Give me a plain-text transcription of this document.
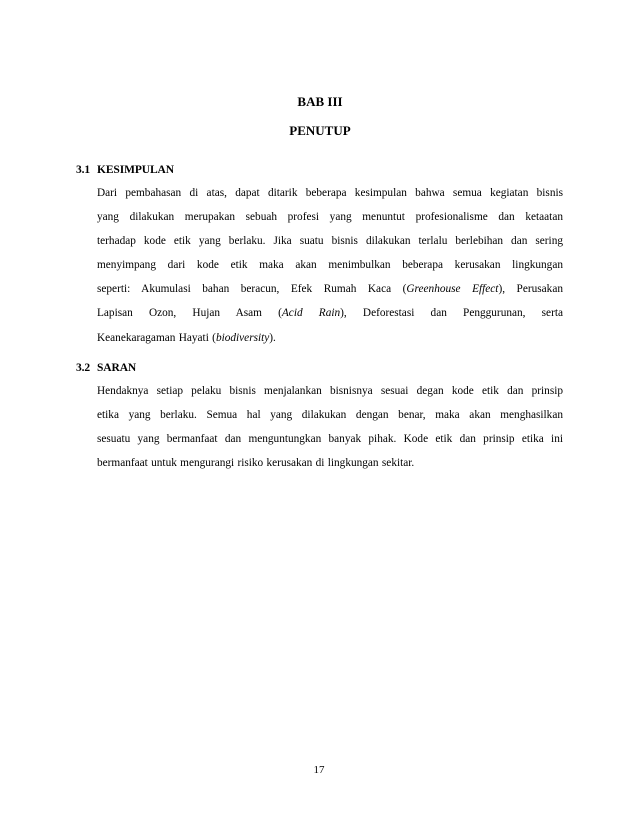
BAB III
PENUTUP
3.1 KESIMPULAN
Dari pembahasan di atas, dapat ditarik beberapa kesimpulan bahwa semua kegiatan bisnis
yang dilakukan merupakan sebuah profesi yang menuntut profesionalisme dan ketaatan
terhadap kode etik yang berlaku. Jika suatu bisnis dilakukan terlalu berlebihan dan sering
menyimpang dari kode etik maka akan menimbulkan beberapa kerusakan lingkungan
seperti: Akumulasi bahan beracun, Efek Rumah Kaca (Greenhouse Effect), Perusakan
Lapisan Ozon, Hujan Asam (Acid Rain), Deforestasi dan Penggurunan, serta
Keanekaragaman Hayati (biodiversity).
3.2 SARAN
Hendaknya setiap pelaku bisnis menjalankan bisnisnya sesuai degan kode etik dan prinsip
etika yang berlaku. Semua hal yang dilakukan dengan benar, maka akan menghasilkan
sesuatu yang bermanfaat dan menguntungkan banyak pihak. Kode etik dan prinsip etika ini
bermanfaat untuk mengurangi risiko kerusakan di lingkungan sekitar.
17
